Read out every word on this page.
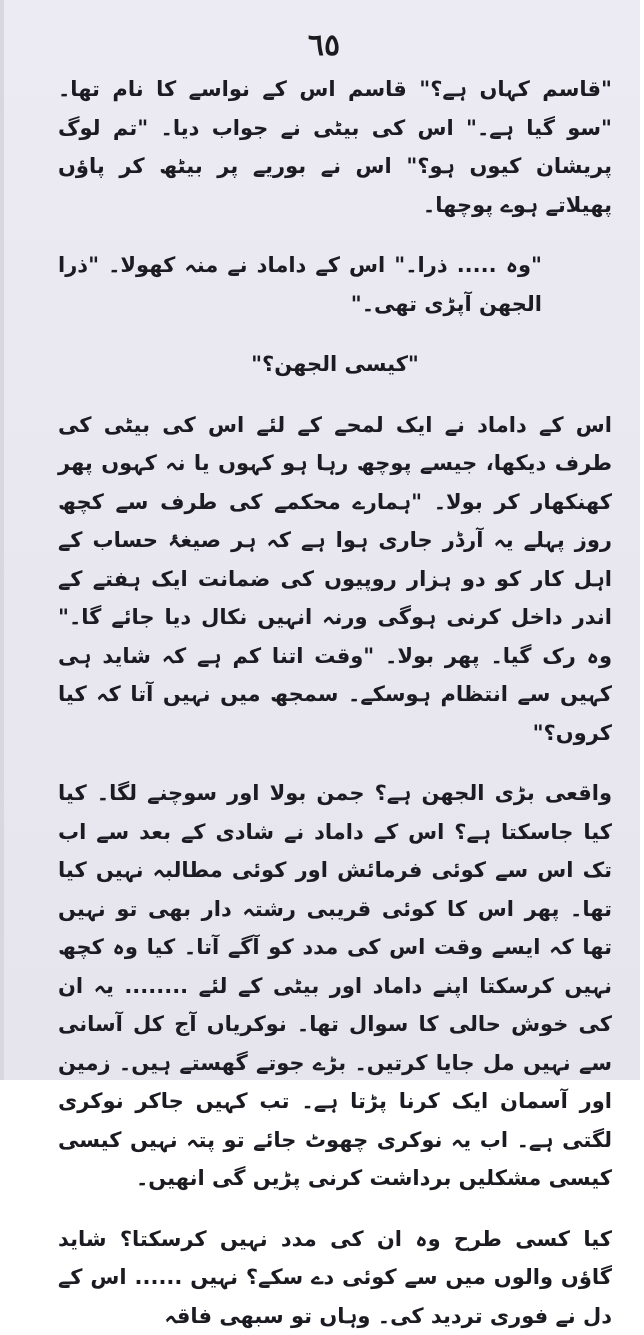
٦٥

"قاسم کہاں ہے؟" قاسم اس کے نواسے کا نام تھا۔ "سو گیا ہے۔" اس کی بیٹی نے جواب دیا۔ "تم لوگ پریشان کیوں ہو؟" اس نے بوریے پر بیٹھ کر پاؤں پھیلاتے ہوے پوچھا۔

"وہ ..... ذرا۔" اس کے داماد نے منہ کھولا۔ "ذرا الجھن آپڑی تھی۔"

"کیسی الجھن؟"

اس کے داماد نے ایک لمحے کے لئے اس کی بیٹی کی طرف دیکھا، جیسے پوچھ رہا ہو کہوں یا نہ کہوں پھر کھنکھار کر بولا۔ "ہمارے محکمے کی طرف سے کچھ روز پہلے یہ آرڈر جاری ہوا ہے کہ ہر صیغۂ حساب کے اہل کار کو دو ہزار روپیوں کی ضمانت ایک ہفتے کے اندر داخل کرنی ہوگی ورنہ انہیں نکال دیا جائے گا۔" وہ رک گیا۔ پھر بولا۔ "وقت اتنا کم ہے کہ شاید ہی کہیں سے انتظام ہوسکے۔ سمجھ میں نہیں آتا کہ کیا کروں؟"

واقعی بڑی الجھن ہے؟ جمن بولا اور سوچنے لگا۔ کیا کیا جاسکتا ہے؟ اس کے داماد نے شادی کے بعد سے اب تک اس سے کوئی فرمائش اور کوئی مطالبہ نہیں کیا تھا۔ پھر اس کا کوئی قریبی رشتہ دار بھی تو نہیں تھا کہ ایسے وقت اس کی مدد کو آگے آتا۔ کیا وہ کچھ نہیں کرسکتا اپنے داماد اور بیٹی کے لئے ........ یہ ان کی خوش حالی کا سوال تھا۔ نوکریاں آج کل آسانی سے نہیں مل جایا کرتیں۔ بڑے جوتے گھستے ہیں۔ زمین اور آسمان ایک کرنا پڑتا ہے۔ تب کہیں جاکر نوکری لگتی ہے۔ اب یہ نوکری چھوٹ جائے تو پتہ نہیں کیسی کیسی مشکلیں برداشت کرنی پڑیں گی انھیں۔

کیا کسی طرح وہ ان کی مدد نہیں کرسکتا؟ شاید گاؤں والوں میں سے کوئی دے سکے؟ نہیں ...... اس کے دل نے فوری تردید کی۔ وہاں تو سبھی فاقہ
